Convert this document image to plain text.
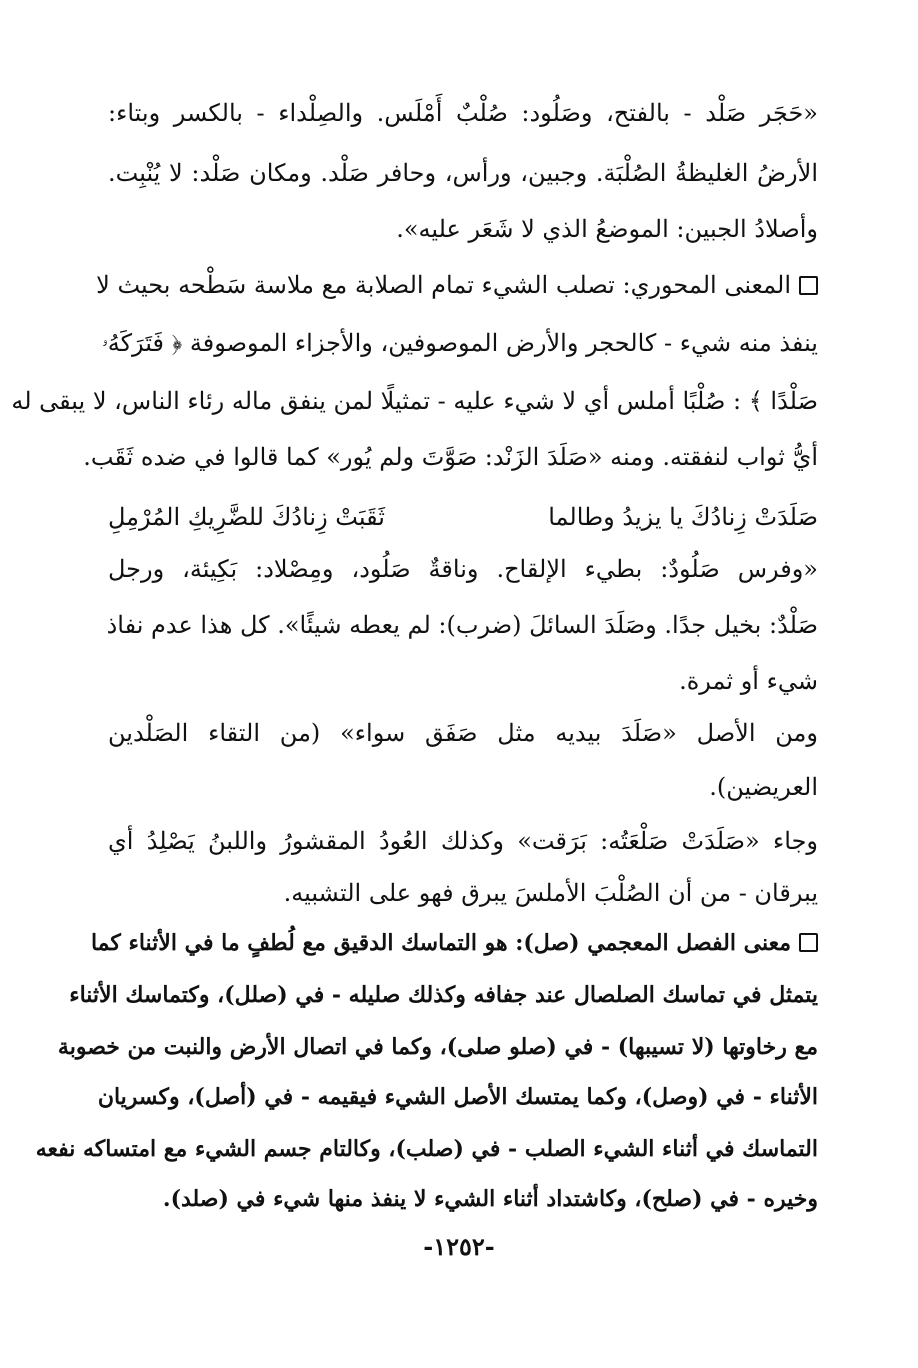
«حَجَر صَلْد - بالفتح، وصَلُود: صُلْبٌ أَمْلَس. والصِلْداء - بالكسر وبتاء:
الأرضُ الغليظةُ الصُلْبَة. وجبين، ورأس، وحافر صَلْد. ومكان صَلْد: لا يُنْبِت.
وأصلادُ الجبين: الموضعُ الذي لا شَعَر عليه».
المعنى المحوري: تصلب الشيء تمام الصلابة مع ملاسة سَطْحه بحيث لا
ينفذ منه شيء - كالحجر والأرض الموصوفين، والأجزاء الموصوفة ﴿ فَتَرَكَهُۥ
صَلْدًا ﴾ : صُلْبًا أملس أي لا شيء عليه - تمثيلًا لمن ينفق ماله رئاء الناس، لا يبقى له
أيُّ ثواب لنفقته. ومنه «صَلَدَ الزَنْد: صَوَّتَ ولم يُور» كما قالوا في ضده ثَقَب.
صَلَدَتْ زِنادُكَ يا يزيدُ وطالما
ثَقَبَتْ زِنادُكَ للضَّرِيكِ المُرْمِلِ
«وفرس صَلُودٌ: بطيء الإلقاح. وناقةٌ صَلُود، ومِصْلاد: بَكِيئة، ورجل
صَلْدٌ: بخيل جدًا. وصَلَدَ السائلَ (ضرب): لم يعطه شيئًا». كل هذا عدم نفاذ
شيء أو ثمرة.
ومن الأصل «صَلَدَ بيديه مثل صَفَق سواء» (من التقاء الصَلْدين
العريضين).
وجاء «صَلَدَتْ صَلْعَتُه: بَرَقت» وكذلك العُودُ المقشورُ واللبنُ يَصْلِدُ أي
يبرقان - من أن الصُلْبَ الأملسَ يبرق فهو على التشبيه.
معنى الفصل المعجمي (صل): هو التماسك الدقيق مع لُطفٍ ما في الأثناء كما
يتمثل في تماسك الصلصال عند جفافه وكذلك صليله - في (صلل)، وكتماسك الأثناء
مع رخاوتها (لا تسيبها) - في (صلو صلى)، وكما في اتصال الأرض والنبت من خصوبة
الأثناء - في (وصل)، وكما يمتسك الأصل الشيء فيقيمه - في (أصل)، وكسريان
التماسك في أثناء الشيء الصلب - في (صلب)، وكالتام جسم الشيء مع امتساكه نفعه
وخيره - في (صلح)، وكاشتداد أثناء الشيء لا ينفذ منها شيء في (صلد).
-١٢٥٢-
